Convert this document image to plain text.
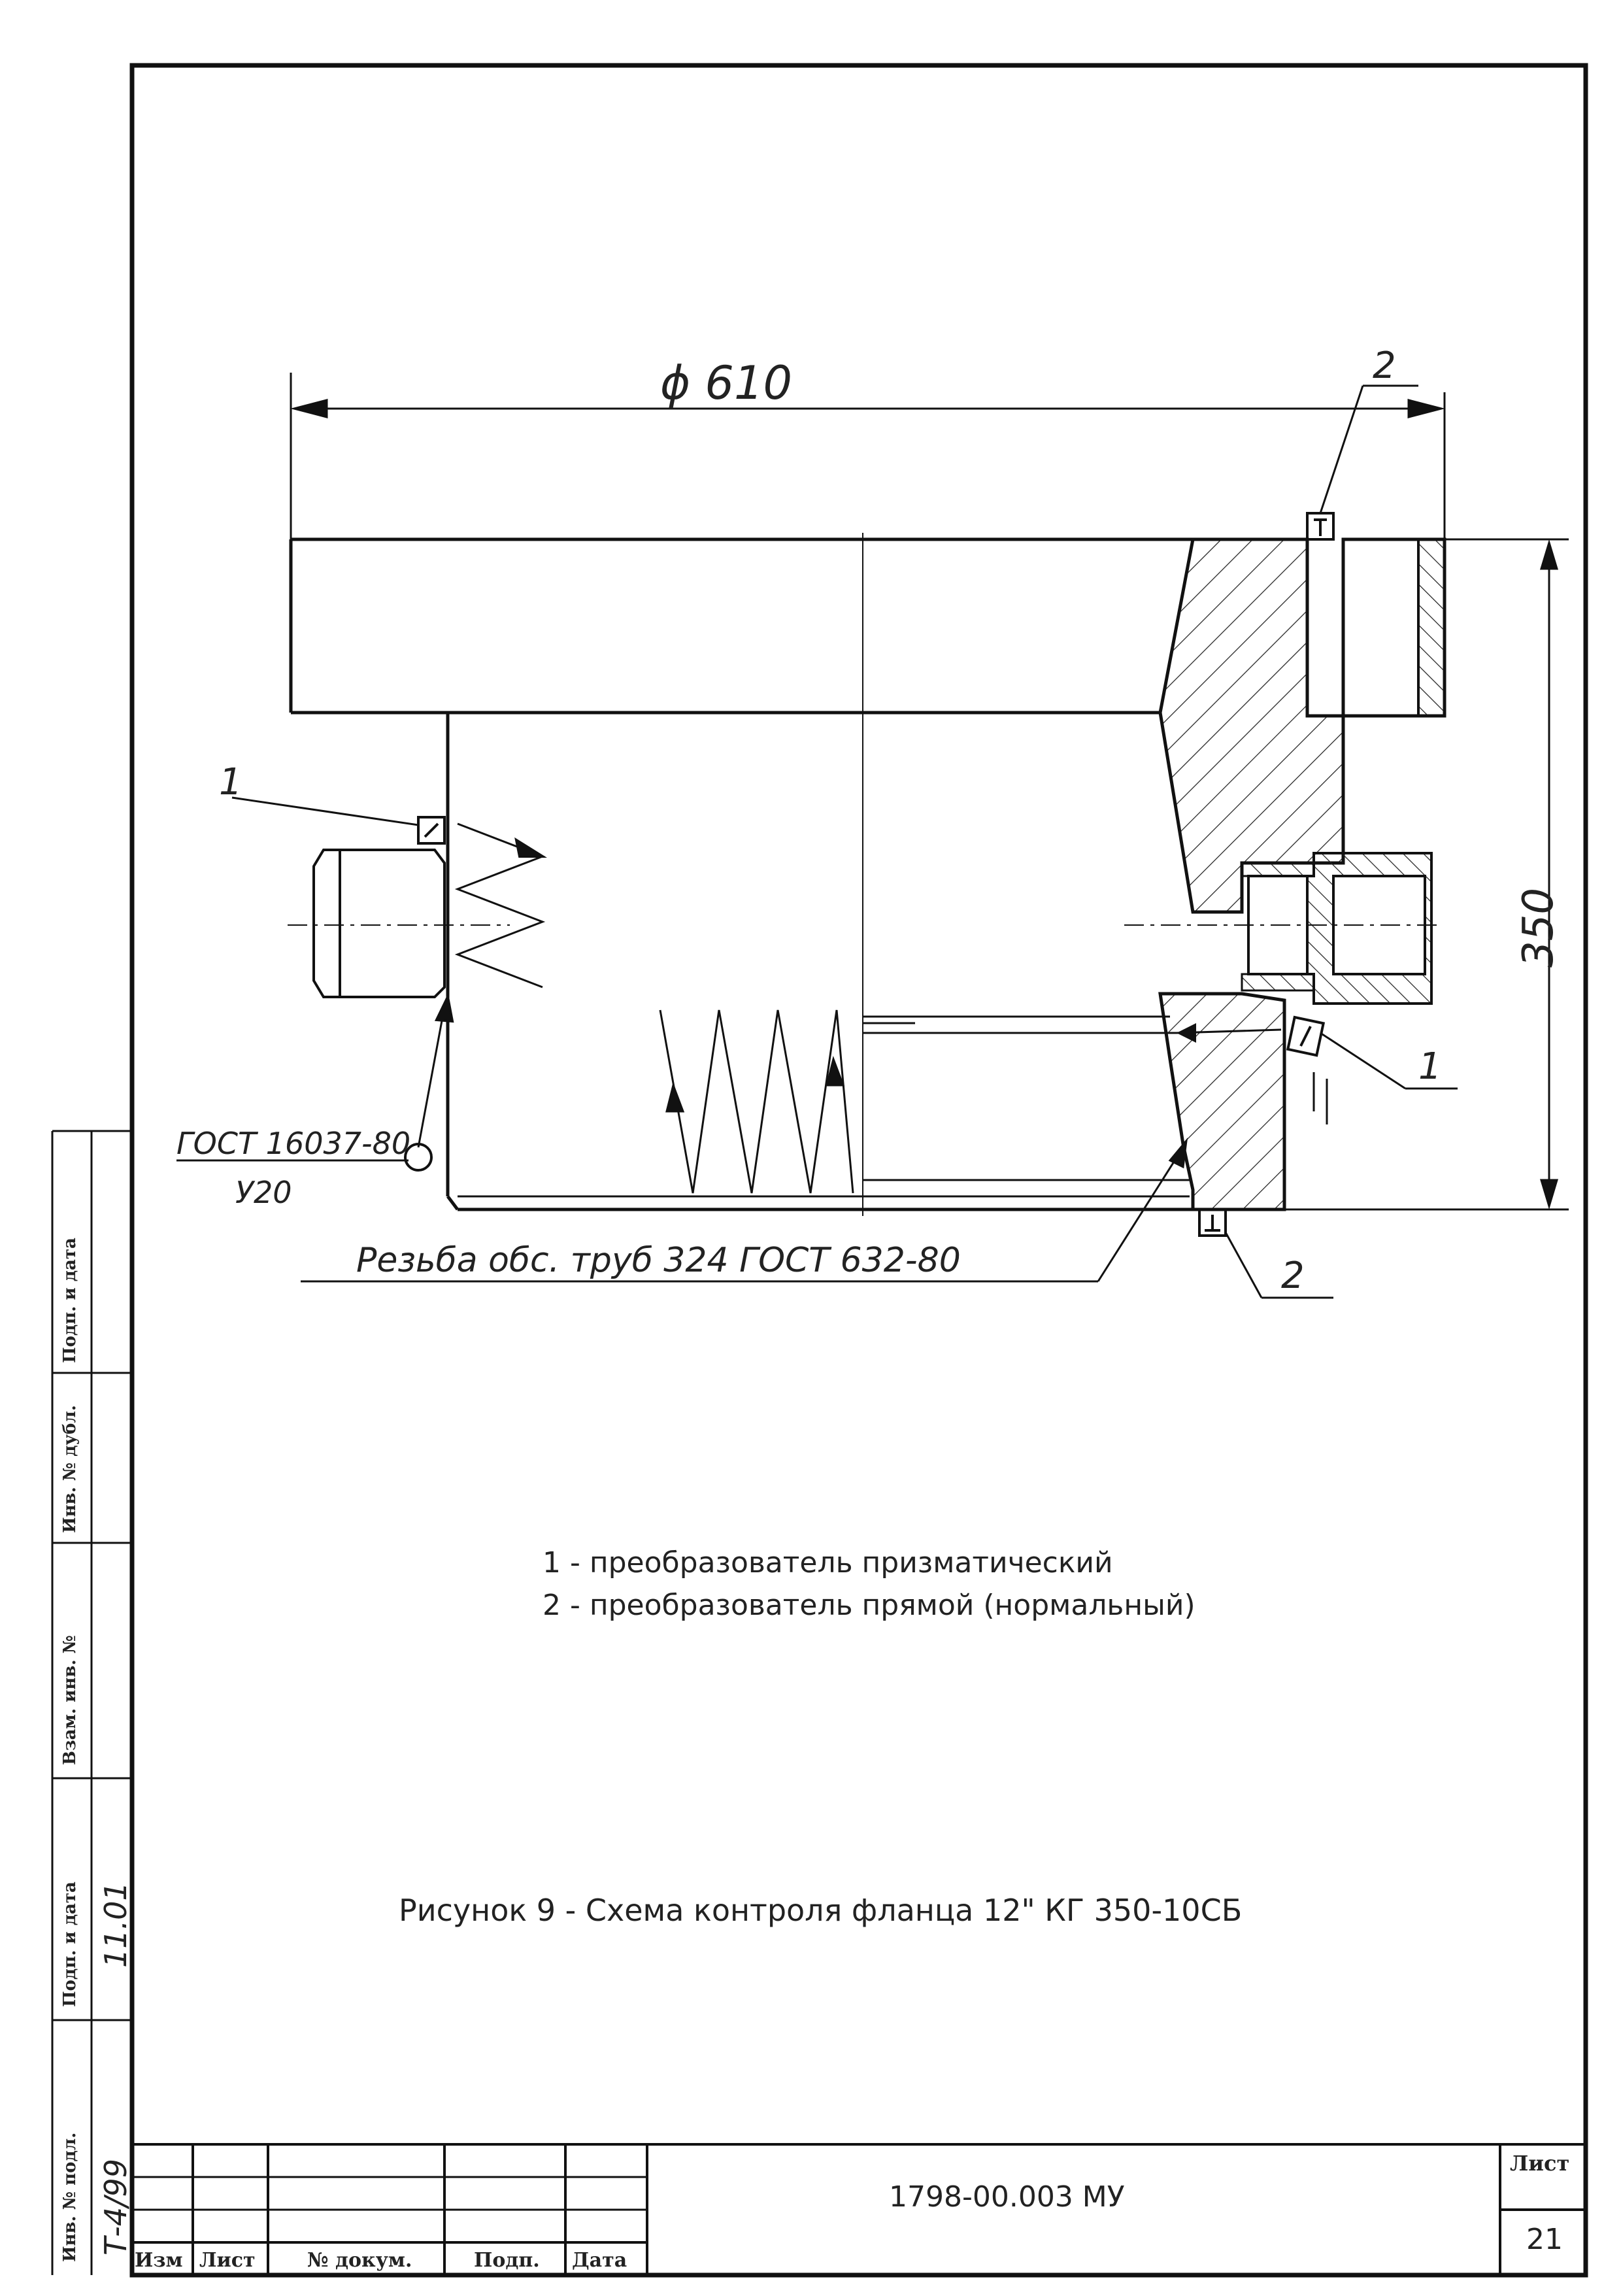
ϕ 610
350
2
2
1
1
ГОСТ 16037-80
У20
Резьба обс. труб 324 ГОСТ 632-80
1 - преобразователь призматический
2 - преобразователь прямой (нормальный)
Рисунок 9 - Схема контроля фланца 12" КГ 350-10СБ
Инв. № подл.
Подп. и дата
Взам. инв. №
Инв. № дубл.
Подп. и дата
Т-4/99
11.01
Изм Лист	№ докум.	Подп. Дата
1798-00.003 МУ
Лист
21
